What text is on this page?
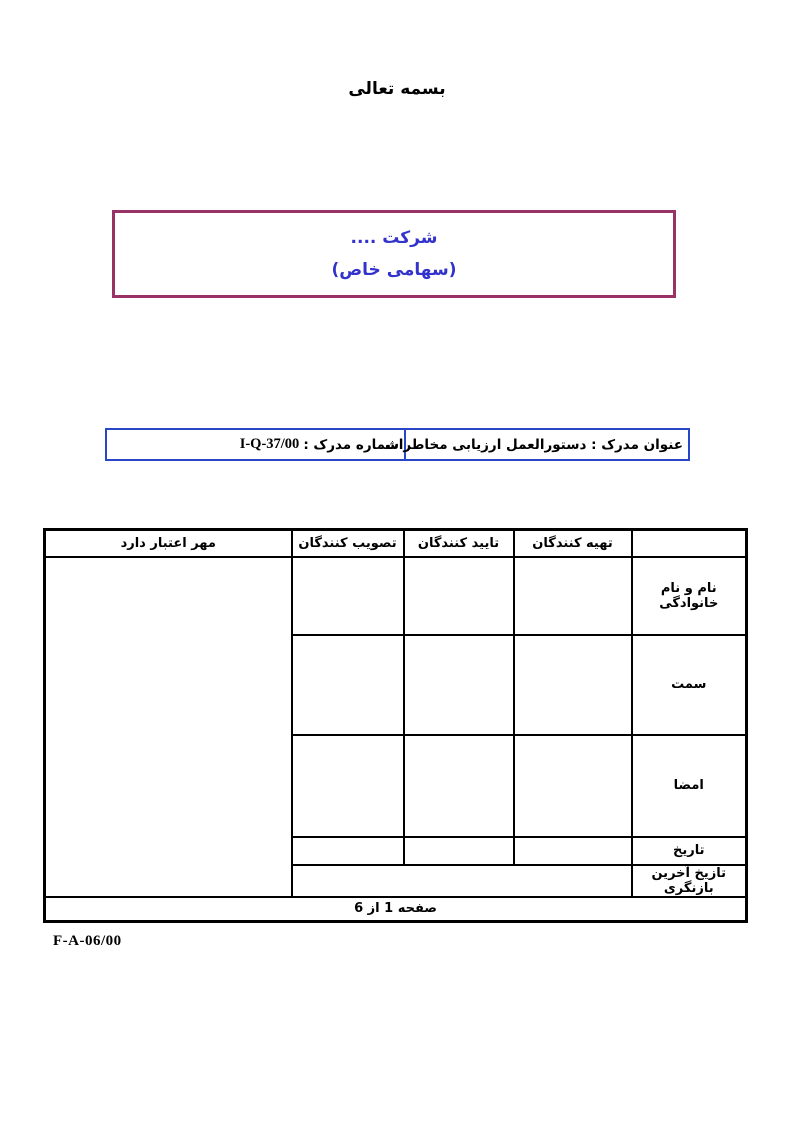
بسمه تعالی
شرکت ....
(سهامی خاص)
عنوان مدرک : دستورالعمل ارزیابی مخاطرات
شماره مدرک :
I-Q-37/00
	تهیه کنندگان	تایید کنندگان	تصویب کنندگان	مهر اعتبار دارد
نام و نام خانوادگی				
سمت				
امضا				
تاریخ				
تازیخ آخرین بازنگری				
صفحه 1 از 6				
F-A-06/00
